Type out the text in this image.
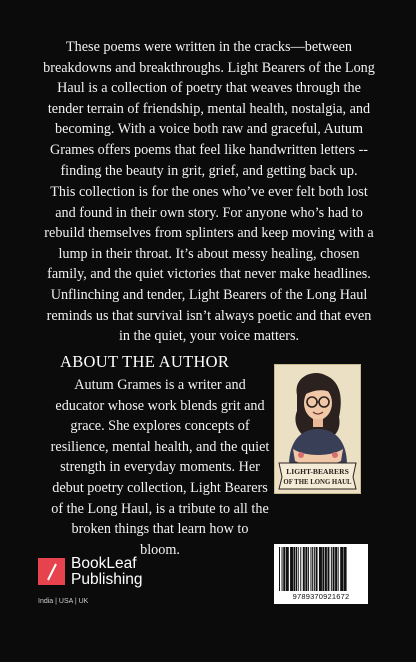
These poems were written in the cracks—between breakdowns and breakthroughs. Light Bearers of the Long Haul is a collection of poetry that weaves through the tender terrain of friendship, mental health, nostalgia, and becoming. With a voice both raw and graceful, Autum Grames offers poems that feel like handwritten letters -- finding the beauty in grit, grief, and getting back up.

This collection is for the ones who’ve ever felt both lost and found in their own story. For anyone who’s had to rebuild themselves from splinters and keep moving with a lump in their throat. It’s about messy healing, chosen family, and the quiet victories that never make headlines. Unflinching and tender, Light Bearers of the Long Haul reminds us that survival isn’t always poetic and that even in the quiet, your voice matters.

ABOUT THE AUTHOR

Autum Grames is a writer and educator whose work blends grit and grace. She explores concepts of resilience, mental health, and the quiet strength in everyday moments. Her debut poetry collection, Light Bearers of the Long Haul, is a tribute to all the broken things that learn how to bloom.

LIGHT-BEARERS
OF THE LONG HAUL
BookLeaf
Publishing
India | USA | UK
9789370921672
